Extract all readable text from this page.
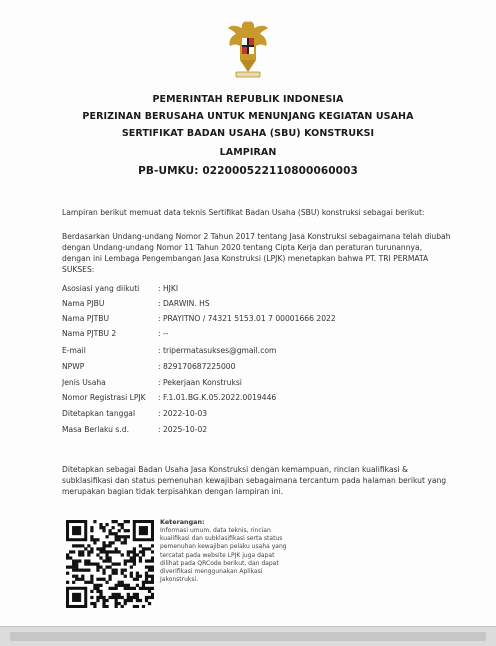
PEMERINTAH REPUBLIK INDONESIA
PERIZINAN BERUSAHA UNTUK MENUNJANG KEGIATAN USAHA
SERTIFIKAT BADAN USAHA (SBU) KONSTRUKSI
LAMPIRAN
PB-UMKU: 022000522110800060003
Lampiran berikut memuat data teknis Sertifikat Badan Usaha (SBU) konstruksi sebagai berikut:
Berdasarkan Undang-undang Nomor 2 Tahun 2017 tentang Jasa Konstruksi sebagaimana telah diubah dengan Undang-undang Nomor 11 Tahun 2020 tentang Cipta Kerja dan peraturan turunannya, dengan ini Lembaga Pengembangan Jasa Konstruksi (LPJK) menetapkan bahwa PT. TRI PERMATA SUKSES:
Asosiasi yang diikuti : HJKI
Nama PJBU	: DARWIN. HS
Nama PJTBU	: PRAYITNO / 74321 5153.01 7 00001666 2022
Nama PJTBU 2	: --
E-mail	: tripermatasukses@gmail.com
NPWP	: 829170687225000
Jenis Usaha	: Pekerjaan Konstruksi
Nomor Registrasi LPJK : F.1.01.BG.K.05.2022.0019446
Ditetapkan tanggal	: 2022-10-03
Masa Berlaku s.d.	: 2025-10-02
Ditetapkan sebagai Badan Usaha Jasa Konstruksi dengan kemampuan, rincian kualifikasi & subklasifikasi dan status pemenuhan kewajiban sebagaimana tercantum pada halaman berikut yang merupakan bagian tidak terpisahkan dengan lampiran ini.
Keterangan:
Informasi umum, data teknis, rincian kualifikasi dan subklasifikasi serta status pemenuhan kewajiban pelaku usaha yang tercatat pada website LPJK juga dapat dilihat pada QRCode berikut, dan dapat diverifikasi menggunakan Aplikasi Jakonstruksi.
